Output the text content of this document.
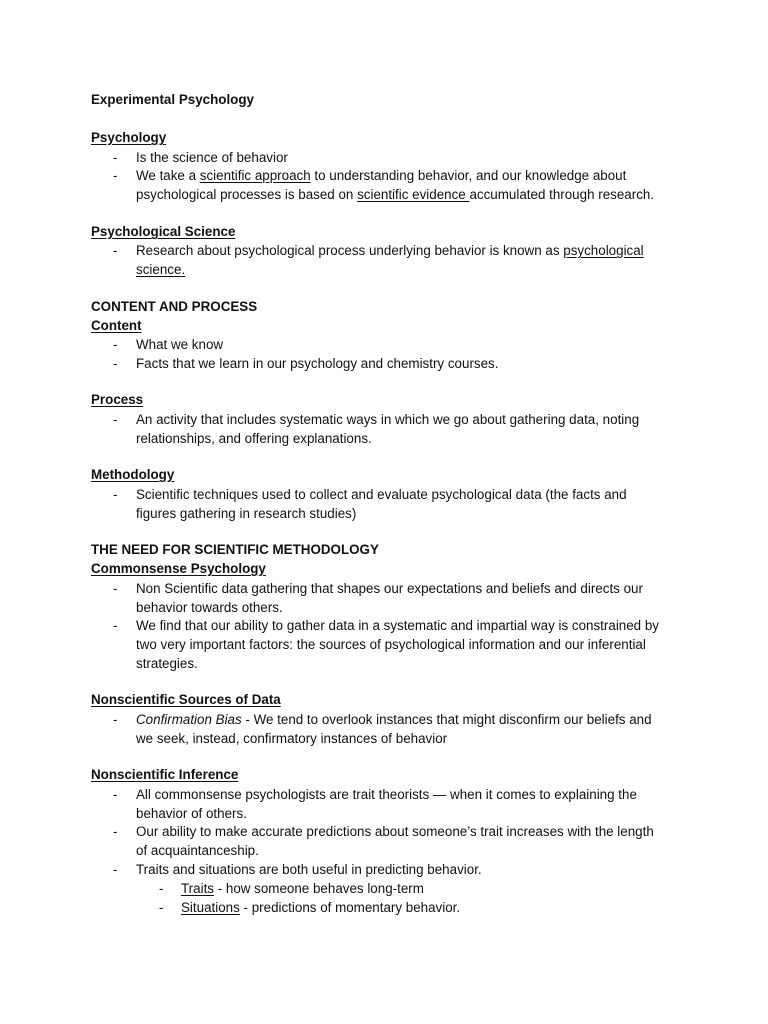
Experimental Psychology
Psychology
- Is the science of behavior
- We take a scientific approach to understanding behavior, and our knowledge about
psychological processes is based on scientific evidence accumulated through research.
Psychological Science
- Research about psychological process underlying behavior is known as psychological
science.
CONTENT AND PROCESS
Content
- What we know
- Facts that we learn in our psychology and chemistry courses.
Process
- An activity that includes systematic ways in which we go about gathering data, noting
relationships, and offering explanations.
Methodology
- Scientific techniques used to collect and evaluate psychological data (the facts and
figures gathering in research studies)
THE NEED FOR SCIENTIFIC METHODOLOGY
Commonsense Psychology
- Non Scientific data gathering that shapes our expectations and beliefs and directs our
behavior towards others.
- We find that our ability to gather data in a systematic and impartial way is constrained by
two very important factors: the sources of psychological information and our inferential
strategies.
Nonscientific Sources of Data
- Confirmation Bias - We tend to overlook instances that might disconfirm our beliefs and
we seek, instead, confirmatory instances of behavior
Nonscientific Inference
- All commonsense psychologists are trait theorists — when it comes to explaining the
behavior of others.
- Our ability to make accurate predictions about someone’s trait increases with the length
of acquaintanceship.
- Traits and situations are both useful in predicting behavior.
- Traits - how someone behaves long-term
- Situations - predictions of momentary behavior.
